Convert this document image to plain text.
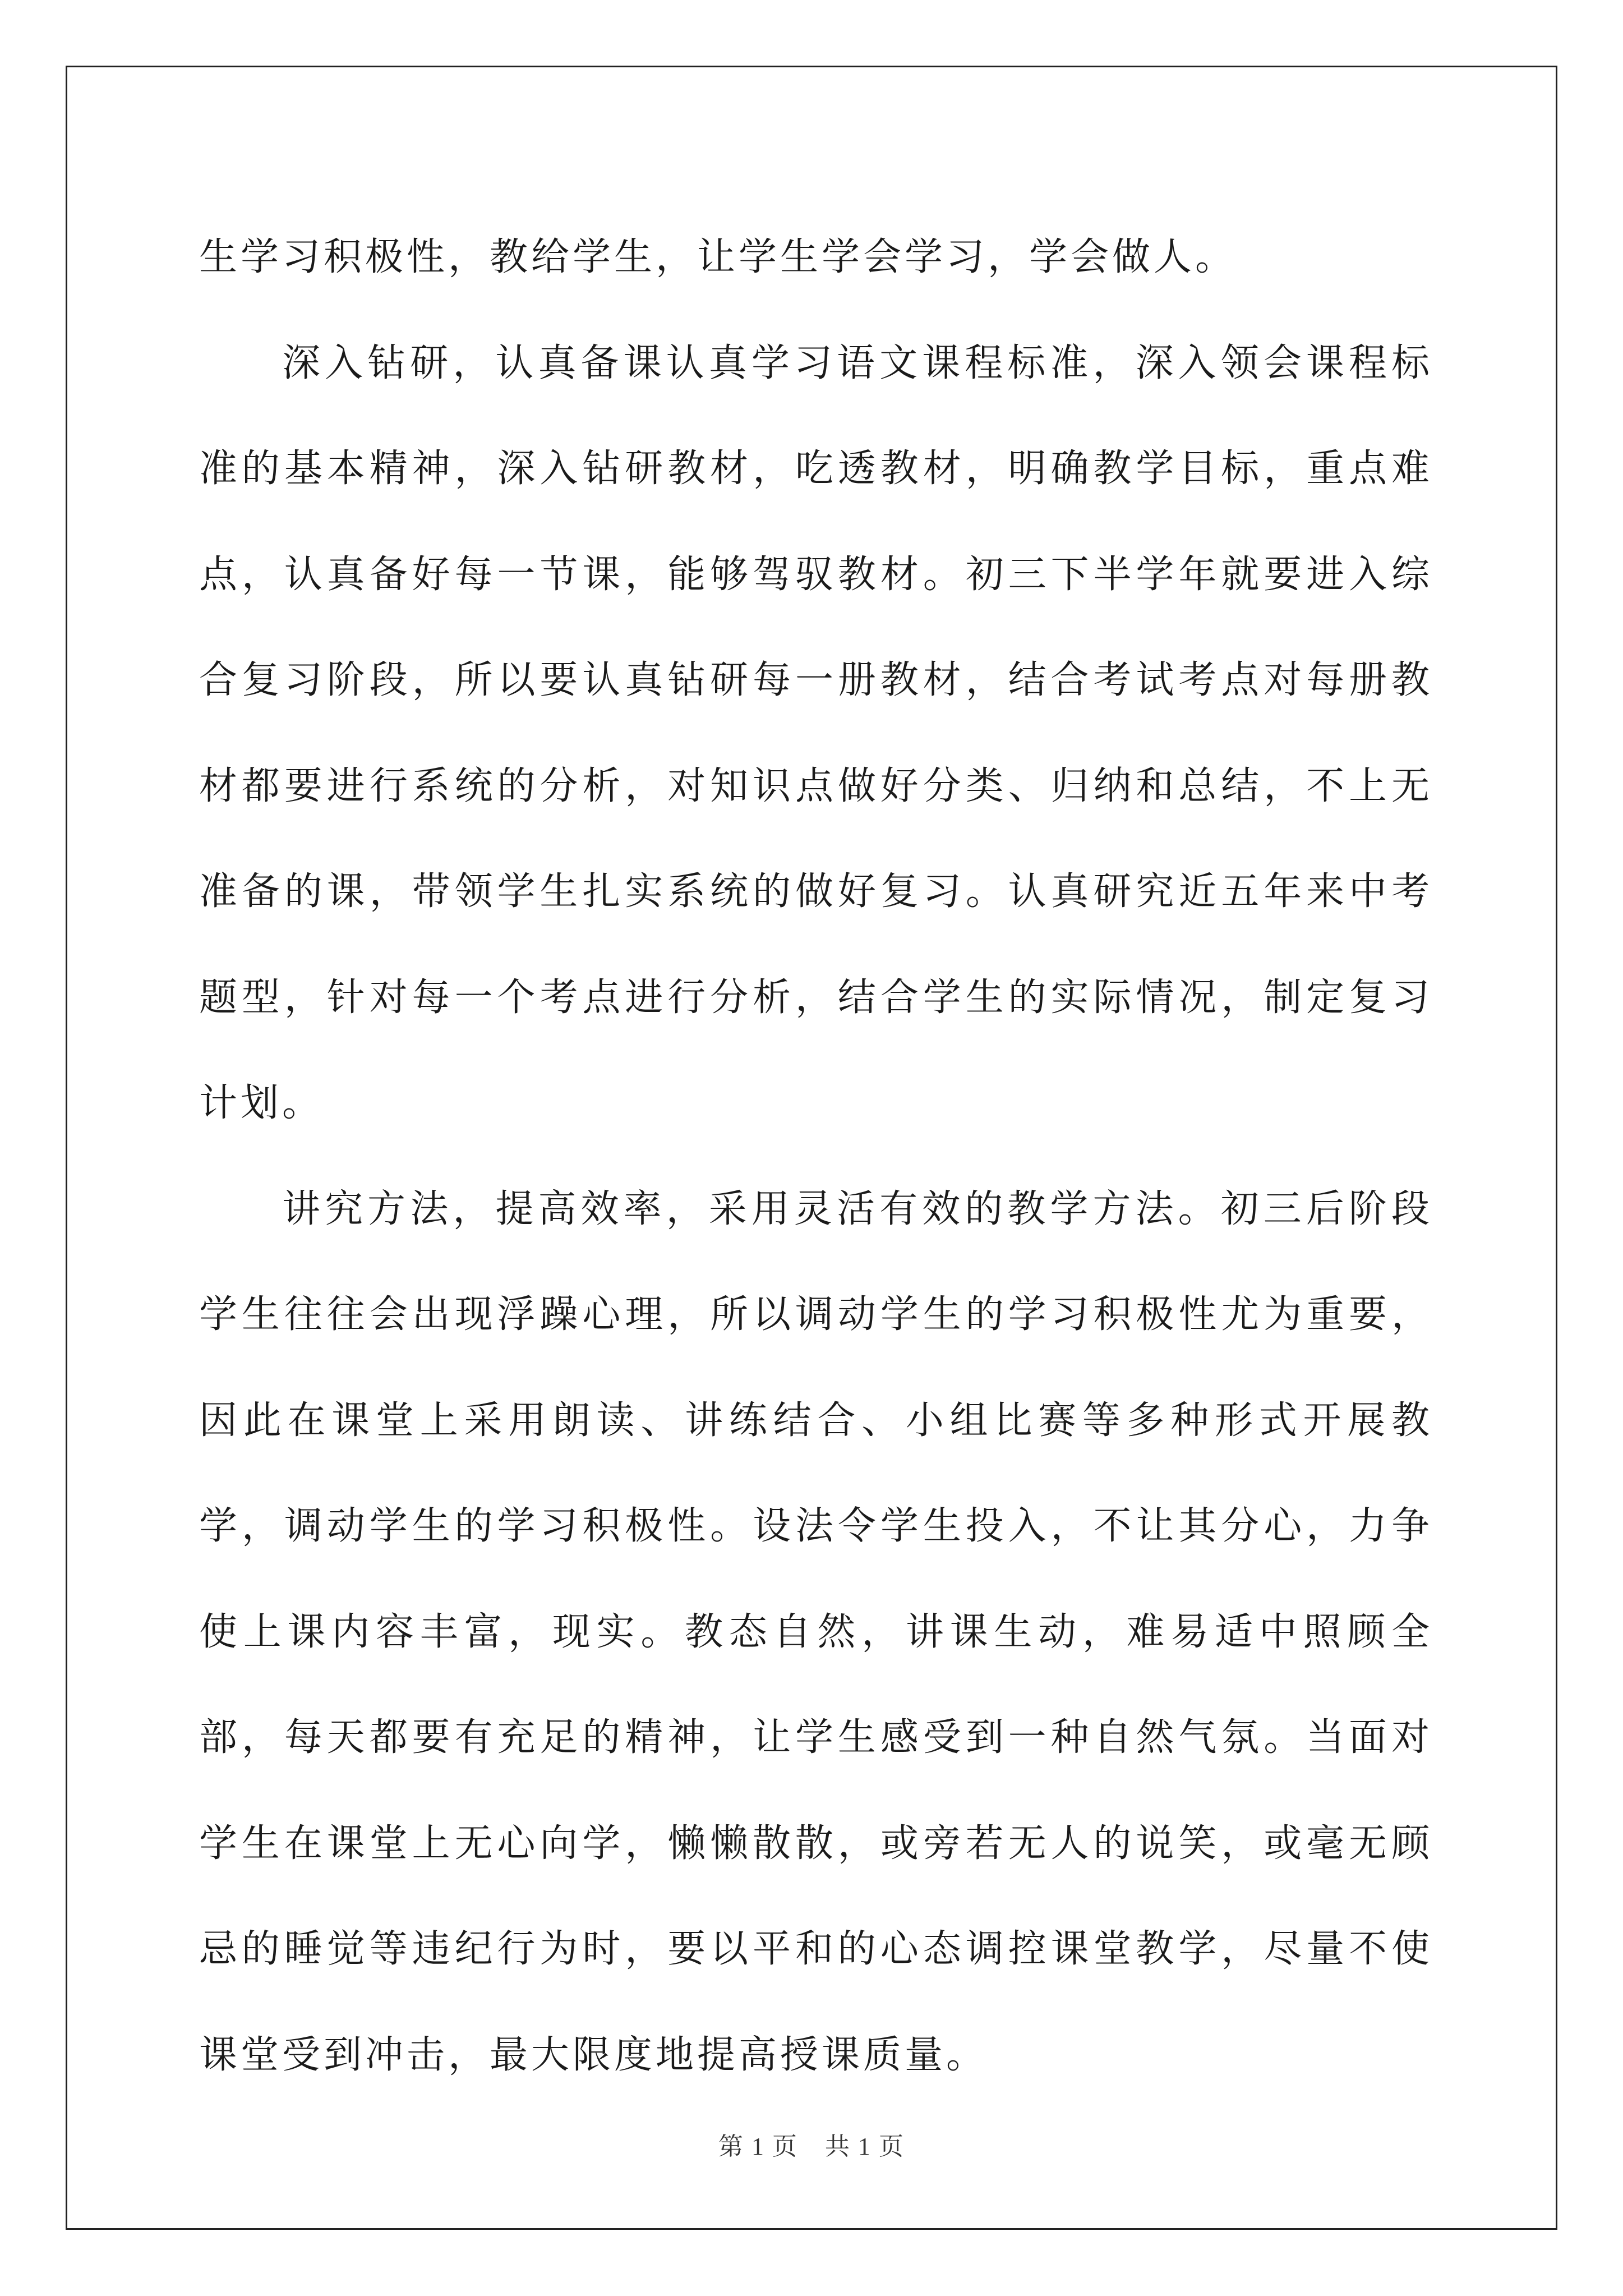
生学习积极性，教给学生，让学生学会学习，学会做人。

深入钻研，认真备课认真学习语文课程标准，深入领会课程标准的基本精神，深入钻研教材，吃透教材，明确教学目标，重点难点，认真备好每一节课，能够驾驭教材。初三下半学年就要进入综合复习阶段，所以要认真钻研每一册教材，结合考试考点对每册教材都要进行系统的分析，对知识点做好分类、归纳和总结，不上无准备的课，带领学生扎实系统的做好复习。认真研究近五年来中考题型，针对每一个考点进行分析，结合学生的实际情况，制定复习计划。

讲究方法，提高效率，采用灵活有效的教学方法。初三后阶段学生往往会出现浮躁心理，所以调动学生的学习积极性尤为重要，因此在课堂上采用朗读、讲练结合、小组比赛等多种形式开展教学，调动学生的学习积极性。设法令学生投入，不让其分心，力争使上课内容丰富，现实。教态自然，讲课生动，难易适中照顾全部，每天都要有充足的精神，让学生感受到一种自然气氛。当面对学生在课堂上无心向学，懒懒散散，或旁若无人的说笑，或毫无顾忌的睡觉等违纪行为时，要以平和的心态调控课堂教学，尽量不使课堂受到冲击，最大限度地提高授课质量。

第 1 页 共 1 页
